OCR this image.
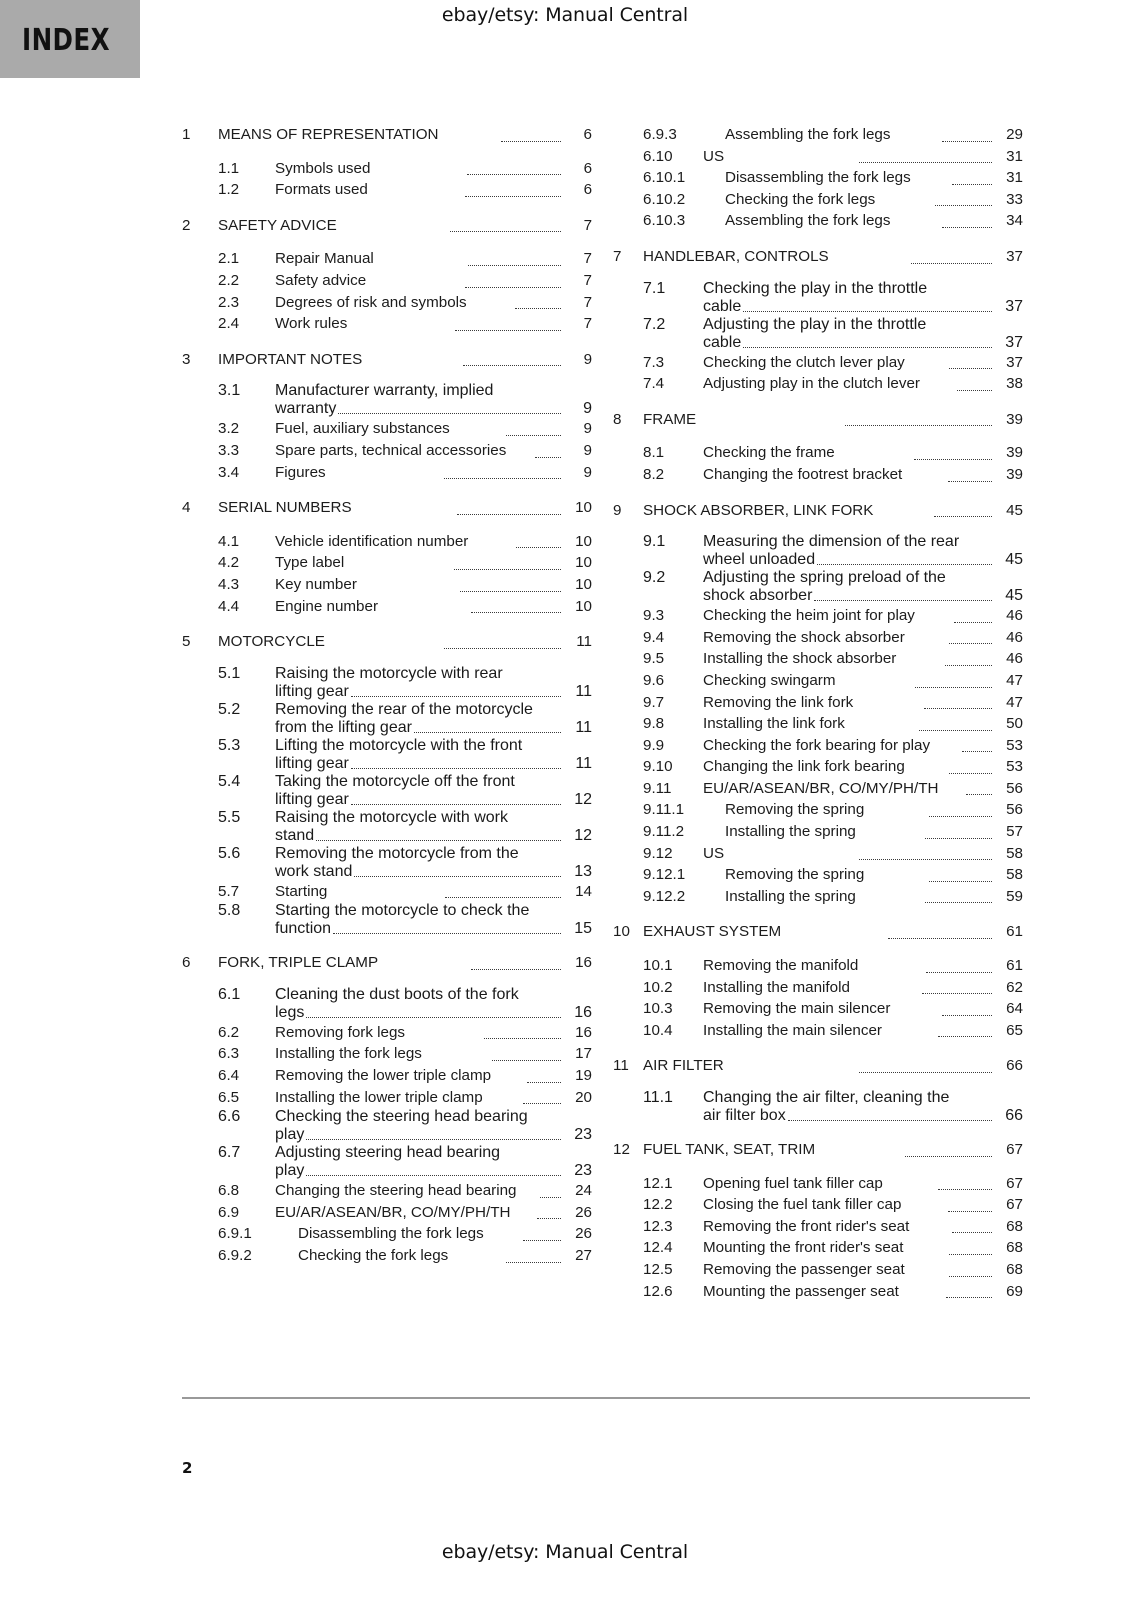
ebay/etsy: Manual Central
INDEX
1	MEANS OF REPRESENTATION	6
1.1	Symbols used	6
1.2	Formats used	6
2	SAFETY ADVICE	7
2.1	Repair Manual	7
2.2	Safety advice	7
2.3	Degrees of risk and symbols	7
2.4	Work rules	7
3	IMPORTANT NOTES	9
3.1	Manufacturer warranty, implied
warranty	9
3.2	Fuel, auxiliary substances	9
3.3	Spare parts, technical accessories	9
3.4	Figures	9
4	SERIAL NUMBERS	10
4.1	Vehicle identification number	10
4.2	Type label	10
4.3	Key number	10
4.4	Engine number	10
5	MOTORCYCLE	11
5.1	Raising the motorcycle with rear
lifting gear	11
5.2	Removing the rear of the motorcycle
from the lifting gear	11
5.3	Lifting the motorcycle with the front
lifting gear	11
5.4	Taking the motorcycle off the front
lifting gear	12
5.5	Raising the motorcycle with work
stand	12
5.6	Removing the motorcycle from the
work stand	13
5.7	Starting	14
5.8	Starting the motorcycle to check the
function	15
6	FORK, TRIPLE CLAMP	16
6.1	Cleaning the dust boots of the fork
legs	16
6.2	Removing fork legs	16
6.3	Installing the fork legs	17
6.4	Removing the lower triple clamp	19
6.5	Installing the lower triple clamp	20
6.6	Checking the steering head bearing
play	23
6.7	Adjusting steering head bearing
play	23
6.8	Changing the steering head bearing	24
6.9	EU/AR/ASEAN/BR, CO/MY/PH/TH	26
6.9.1	Disassembling the fork legs	26
6.9.2	Checking the fork legs	27
6.9.3	Assembling the fork legs	29
6.10	US	31
6.10.1	Disassembling the fork legs	31
6.10.2	Checking the fork legs	33
6.10.3	Assembling the fork legs	34
7	HANDLEBAR, CONTROLS	37
7.1	Checking the play in the throttle
cable	37
7.2	Adjusting the play in the throttle
cable	37
7.3	Checking the clutch lever play	37
7.4	Adjusting play in the clutch lever	38
8	FRAME	39
8.1	Checking the frame	39
8.2	Changing the footrest bracket	39
9	SHOCK ABSORBER, LINK FORK	45
9.1	Measuring the dimension of the rear
wheel unloaded	45
9.2	Adjusting the spring preload of the
shock absorber	45
9.3	Checking the heim joint for play	46
9.4	Removing the shock absorber	46
9.5	Installing the shock absorber	46
9.6	Checking swingarm	47
9.7	Removing the link fork	47
9.8	Installing the link fork	50
9.9	Checking the fork bearing for play	53
9.10	Changing the link fork bearing	53
9.11	EU/AR/ASEAN/BR, CO/MY/PH/TH	56
9.11.1	Removing the spring	56
9.11.2	Installing the spring	57
9.12	US	58
9.12.1	Removing the spring	58
9.12.2	Installing the spring	59
10 EXHAUST SYSTEM	61
10.1	Removing the manifold	61
10.2	Installing the manifold	62
10.3	Removing the main silencer	64
10.4	Installing the main silencer	65
11 AIR FILTER	66
11.1	Changing the air filter, cleaning the
air filter box	66
12 FUEL TANK, SEAT, TRIM	67
12.1	Opening fuel tank filler cap	67
12.2	Closing the fuel tank filler cap	67
12.3	Removing the front rider's seat	68
12.4	Mounting the front rider's seat	68
12.5	Removing the passenger seat	68
12.6	Mounting the passenger seat	69
2
ebay/etsy: Manual Central
